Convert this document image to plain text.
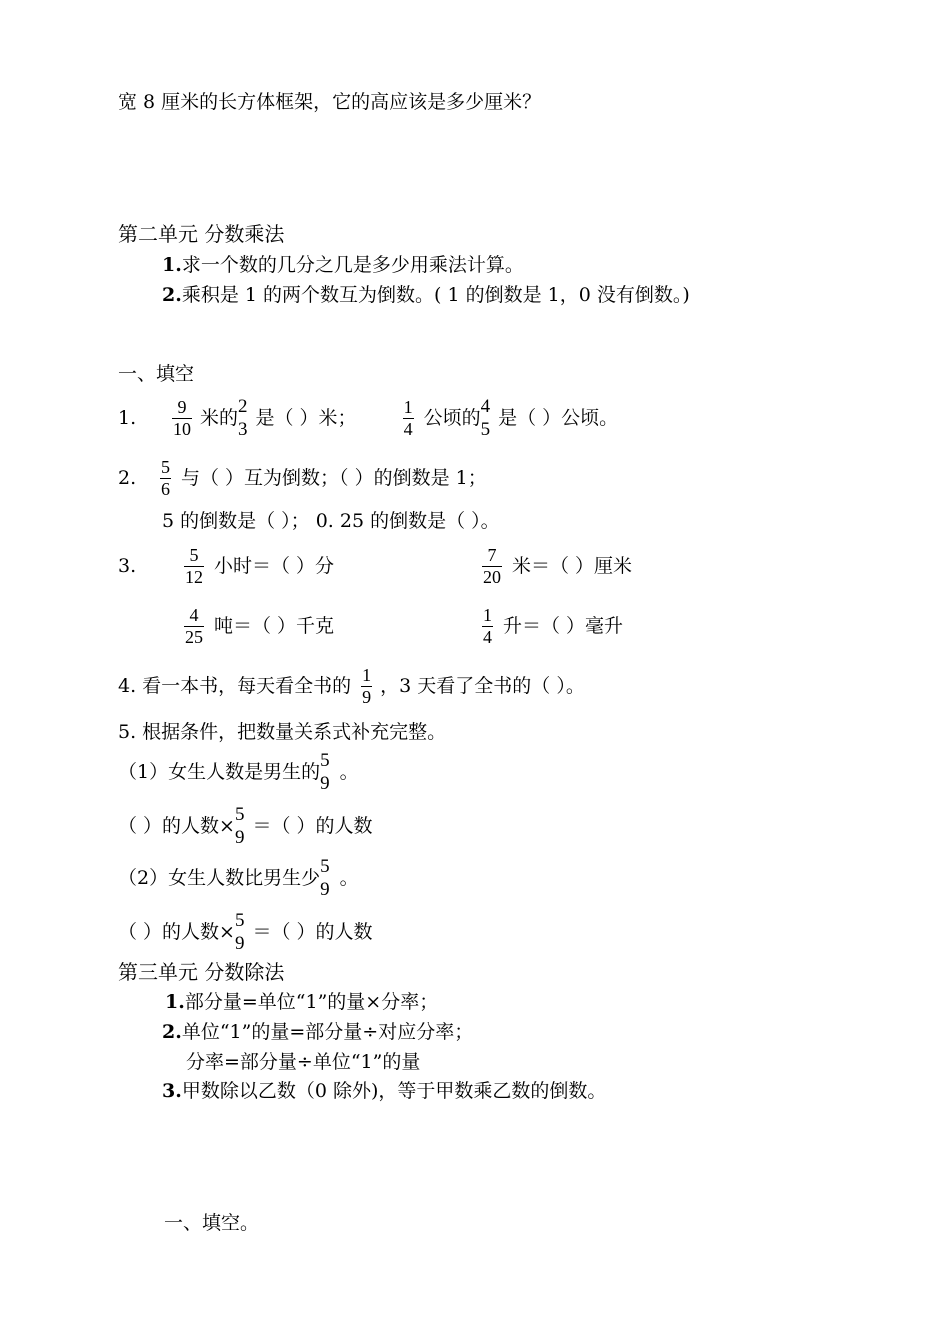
宽 8 厘米的长方体框架，它的高应该是多少厘米？
第二单元 分数乘法
1.求一个数的几分之几是多少用乘法计算。
2.乘积是 1 的两个数互为倒数。( 1 的倒数是 1，0 没有倒数。)
一、填空
1.	$\frac{9}{10}$ 米的
2
3
是（ ）米；	$\frac{1}{4}$ 公顷的
4
5
是（ ）公顷。
2.	$\frac{5}{6}$ 与（ ）互为倒数；（ ）的倒数是 1；
5 的倒数是（ ）； 0. 25 的倒数是（ ）。
3.	$\frac{5}{12}$ 小时＝（ ）分	$\frac{7}{20}$ 米＝（ ）厘米
$\frac{4}{25}$ 吨＝（ ）千克	$\frac{1}{4}$ 升＝（ ）毫升
4. 看一本书，每天看全书的 $\frac{1}{9}$ ，3 天看了全书的（ ）。
5. 根据条件，把数量关系式补充完整。
（1）女生人数是男生的
5
9
。
（ ）的人数×
5
9
＝（ ）的人数
（2）女生人数比男生少
5
9
。
（ ）的人数×
5
9
＝（ ）的人数
第三单元 分数除法
1.部分量=单位“1”的量×分率；
2.单位“1”的量=部分量÷对应分率；
分率=部分量÷单位“1”的量
3.甲数除以乙数（0 除外)，等于甲数乘乙数的倒数。
一、填空。
